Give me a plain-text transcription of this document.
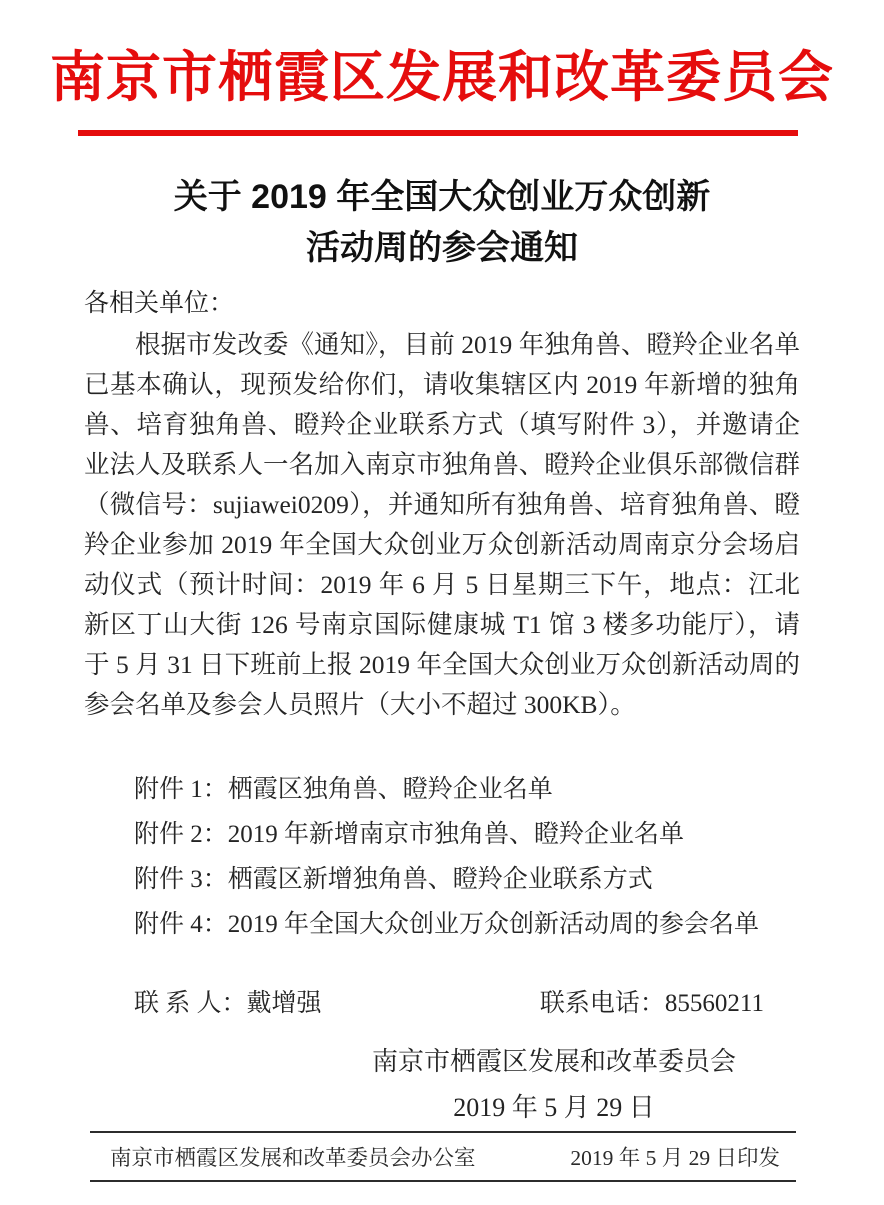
南京市栖霞区发展和改革委员会
关于 2019 年全国大众创业万众创新
活动周的参会通知

各相关单位：

根据市发改委《通知》，目前 2019 年独角兽、瞪羚企业名单已基本确认，现预发给你们，请收集辖区内 2019 年新增的独角兽、培育独角兽、瞪羚企业联系方式（填写附件 3），并邀请企业法人及联系人一名加入南京市独角兽、瞪羚企业俱乐部微信群（微信号：sujiawei0209），并通知所有独角兽、培育独角兽、瞪羚企业参加 2019 年全国大众创业万众创新活动周南京分会场启动仪式（预计时间：2019 年 6 月 5 日星期三下午，地点：江北新区丁山大街 126 号南京国际健康城 T1 馆 3 楼多功能厅），请于 5 月 31 日下班前上报 2019 年全国大众创业万众创新活动周的参会名单及参会人员照片（大小不超过 300KB）。

附件 1：栖霞区独角兽、瞪羚企业名单
附件 2：2019 年新增南京市独角兽、瞪羚企业名单
附件 3：栖霞区新增独角兽、瞪羚企业联系方式
附件 4：2019 年全国大众创业万众创新活动周的参会名单
联 系 人：戴增强	联系电话：85560211
南京市栖霞区发展和改革委员会
2019 年 5 月 29 日
南京市栖霞区发展和改革委员会办公室	2019 年 5 月 29 日印发
